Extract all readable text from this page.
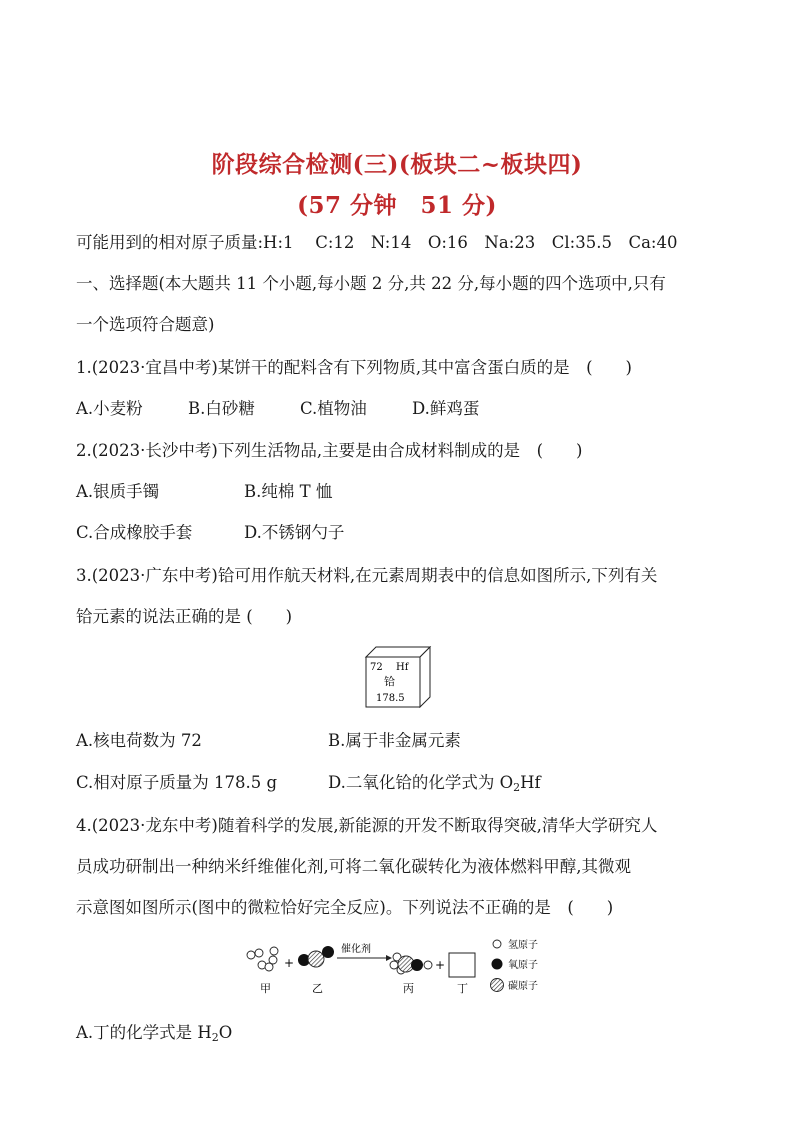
阶段综合检测(三)(板块二~板块四)
(57 分钟　51 分)
可能用到的相对原子质量:H:1　 C:12　N:14　O:16　Na:23　Cl:35.5　Ca:40
一、选择题(本大题共 11 个小题,每小题 2 分,共 22 分,每小题的四个选项中,只有
一个选项符合题意)
1.(2023·宜昌中考)某饼干的配料含有下列物质,其中富含蛋白质的是　(　　)
A.小麦粉	B.白砂糖	C.植物油	D.鲜鸡蛋
2.(2023·长沙中考)下列生活物品,主要是由合成材料制成的是　(　　)
A.银质手镯	B.纯棉 T 恤
C.合成橡胶手套	D.不锈钢勺子
3.(2023·广东中考)铪可用作航天材料,在元素周期表中的信息如图所示,下列有关
铪元素的说法正确的是 (　　)
72 Hf
铪
178.5
A.核电荷数为 72	B.属于非金属元素
C.相对原子质量为 178.5 g	D.二氧化铪的化学式为 $O_2Hf$
4.(2023·龙东中考)随着科学的发展,新能源的开发不断取得突破,清华大学研究人
员成功研制出一种纳米纤维催化剂,可将二氧化碳转化为液体燃料甲醇,其微观
示意图如图所示(图中的微粒恰好完全反应)。下列说法不正确的是　(　　)
+
催化剂
+
甲	乙	丙	丁
氢原子
氧原子
碳原子
A.丁的化学式是 $H_2O$
